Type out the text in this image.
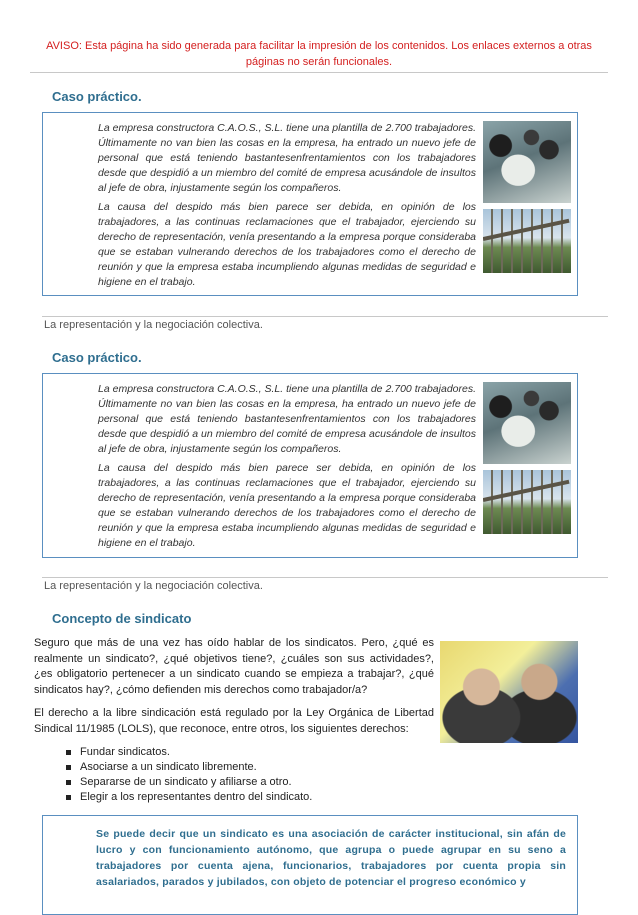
AVISO: Esta página ha sido generada para facilitar la impresión de los contenidos. Los enlaces externos a otras páginas no serán funcionales.
Caso práctico.

La empresa constructora C.A.O.S., S.L. tiene una plantilla de 2.700 trabajadores. Últimamente no van bien las cosas en la empresa, ha entrado un nuevo jefe de personal que está teniendo bastantesenfrentamientos con los trabajadores desde que despidió a un miembro del comité de empresa acusándole de insultos al jefe de obra, injustamente según los compañeros.

La causa del despido más bien parece ser debida, en opinión de los trabajadores, a las continuas reclamaciones que el trabajador, ejerciendo su derecho de representación, venía presentando a la empresa porque consideraba que se estaban vulnerando derechos de los trabajadores como el derecho de reunión y que la empresa estaba incumpliendo algunas medidas de seguridad e higiene en el trabajo.

La representación y la negociación colectiva.
Caso práctico.

La empresa constructora C.A.O.S., S.L. tiene una plantilla de 2.700 trabajadores. Últimamente no van bien las cosas en la empresa, ha entrado un nuevo jefe de personal que está teniendo bastantesenfrentamientos con los trabajadores desde que despidió a un miembro del comité de empresa acusándole de insultos al jefe de obra, injustamente según los compañeros.

La causa del despido más bien parece ser debida, en opinión de los trabajadores, a las continuas reclamaciones que el trabajador, ejerciendo su derecho de representación, venía presentando a la empresa porque consideraba que se estaban vulnerando derechos de los trabajadores como el derecho de reunión y que la empresa estaba incumpliendo algunas medidas de seguridad e higiene en el trabajo.

La representación y la negociación colectiva.
Concepto de sindicato

Seguro que más de una vez has oído hablar de los sindicatos. Pero, ¿qué es realmente un sindicato?, ¿qué objetivos tiene?, ¿cuáles son sus actividades?, ¿es obligatorio pertenecer a un sindicato cuando se empieza a trabajar?, ¿qué sindicatos hay?, ¿cómo defienden mis derechos como trabajador/a?

El derecho a la libre sindicación está regulado por la Ley Orgánica de Libertad Sindical 11/1985 (LOLS), que reconoce, entre otros, los siguientes derechos:

Fundar sindicatos.
Asociarse a un sindicato libremente.
Separarse de un sindicato y afiliarse a otro.
Elegir a los representantes dentro del sindicato.
Se puede decir que un sindicato es una asociación de carácter institucional, sin afán de lucro y con funcionamiento autónomo, que agrupa o puede agrupar en su seno a trabajadores por cuenta ajena, funcionarios, trabajadores por cuenta propia sin asalariados, parados y jubilados, con objeto de potenciar el progreso económico y
